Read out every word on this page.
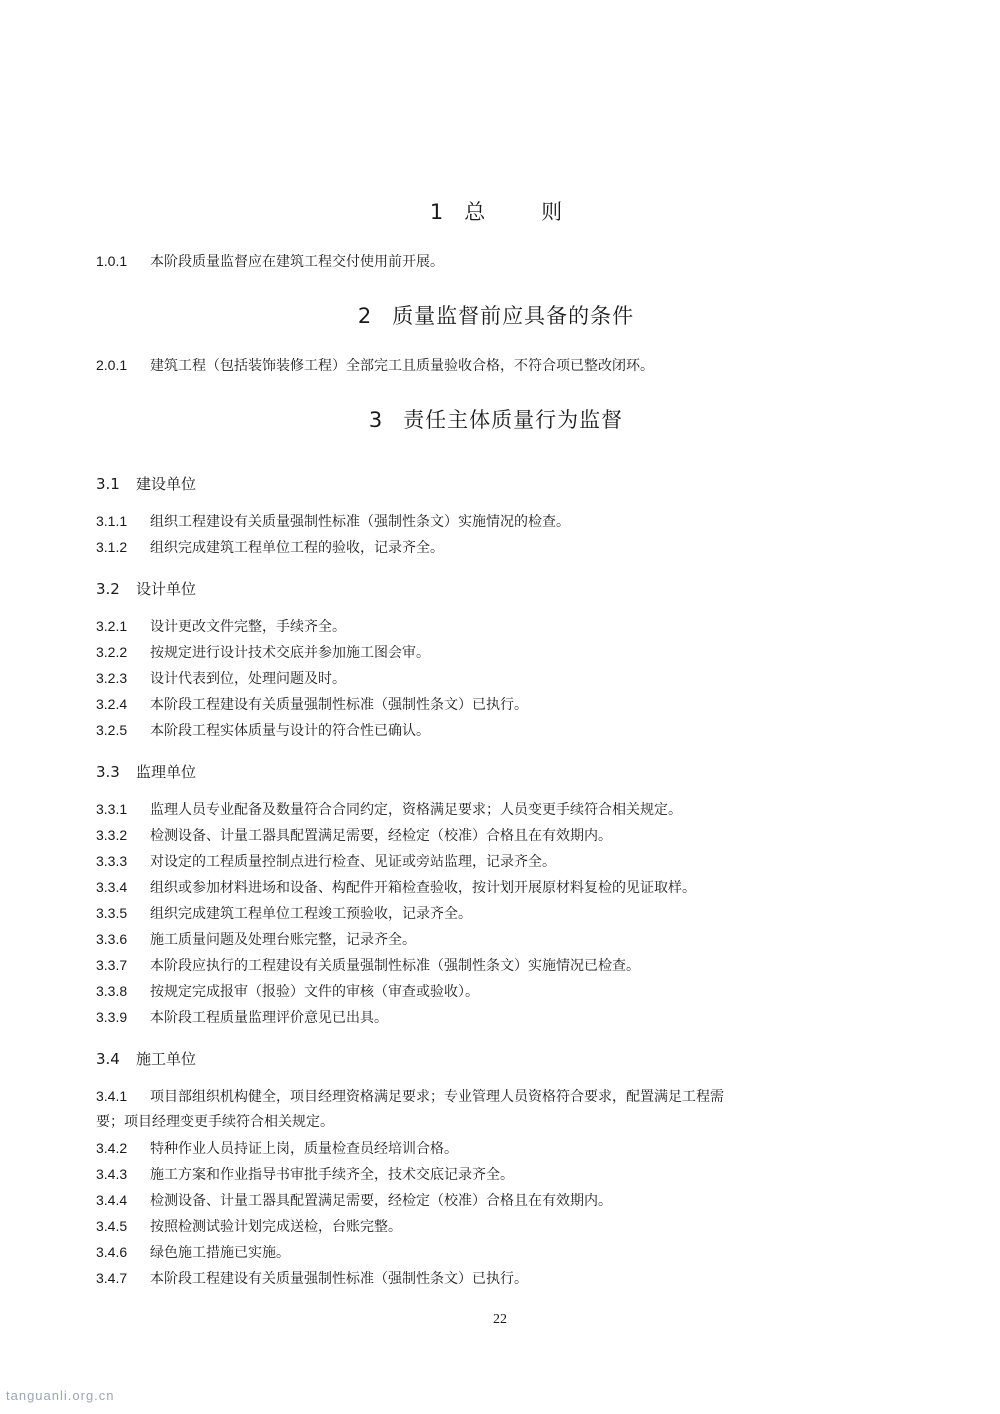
1 总则
1.0.1 本阶段质量监督应在建筑工程交付使用前开展。
2 质量监督前应具备的条件
2.0.1 建筑工程（包括装饰装修工程）全部完工且质量验收合格，不符合项已整改闭环。
3 责任主体质量行为监督
3.1 建设单位
3.1.1 组织工程建设有关质量强制性标准（强制性条文）实施情况的检查。
3.1.2 组织完成建筑工程单位工程的验收，记录齐全。
3.2 设计单位
3.2.1 设计更改文件完整，手续齐全。
3.2.2 按规定进行设计技术交底并参加施工图会审。
3.2.3 设计代表到位，处理问题及时。
3.2.4 本阶段工程建设有关质量强制性标准（强制性条文）已执行。
3.2.5 本阶段工程实体质量与设计的符合性已确认。
3.3 监理单位
3.3.1 监理人员专业配备及数量符合合同约定，资格满足要求；人员变更手续符合相关规定。
3.3.2 检测设备、计量工器具配置满足需要，经检定（校准）合格且在有效期内。
3.3.3 对设定的工程质量控制点进行检查、见证或旁站监理，记录齐全。
3.3.4 组织或参加材料进场和设备、构配件开箱检查验收，按计划开展原材料复检的见证取样。
3.3.5 组织完成建筑工程单位工程竣工预验收，记录齐全。
3.3.6 施工质量问题及处理台账完整，记录齐全。
3.3.7 本阶段应执行的工程建设有关质量强制性标准（强制性条文）实施情况已检查。
3.3.8 按规定完成报审（报验）文件的审核（审查或验收）。
3.3.9 本阶段工程质量监理评价意见已出具。
3.4 施工单位
3.4.1 项目部组织机构健全，项目经理资格满足要求；专业管理人员资格符合要求，配置满足工程需
要；项目经理变更手续符合相关规定。
3.4.2 特种作业人员持证上岗，质量检查员经培训合格。
3.4.3 施工方案和作业指导书审批手续齐全，技术交底记录齐全。
3.4.4 检测设备、计量工器具配置满足需要，经检定（校准）合格且在有效期内。
3.4.5 按照检测试验计划完成送检，台账完整。
3.4.6 绿色施工措施已实施。
3.4.7 本阶段工程建设有关质量强制性标准（强制性条文）已执行。
22
tanguanli.org.cn
